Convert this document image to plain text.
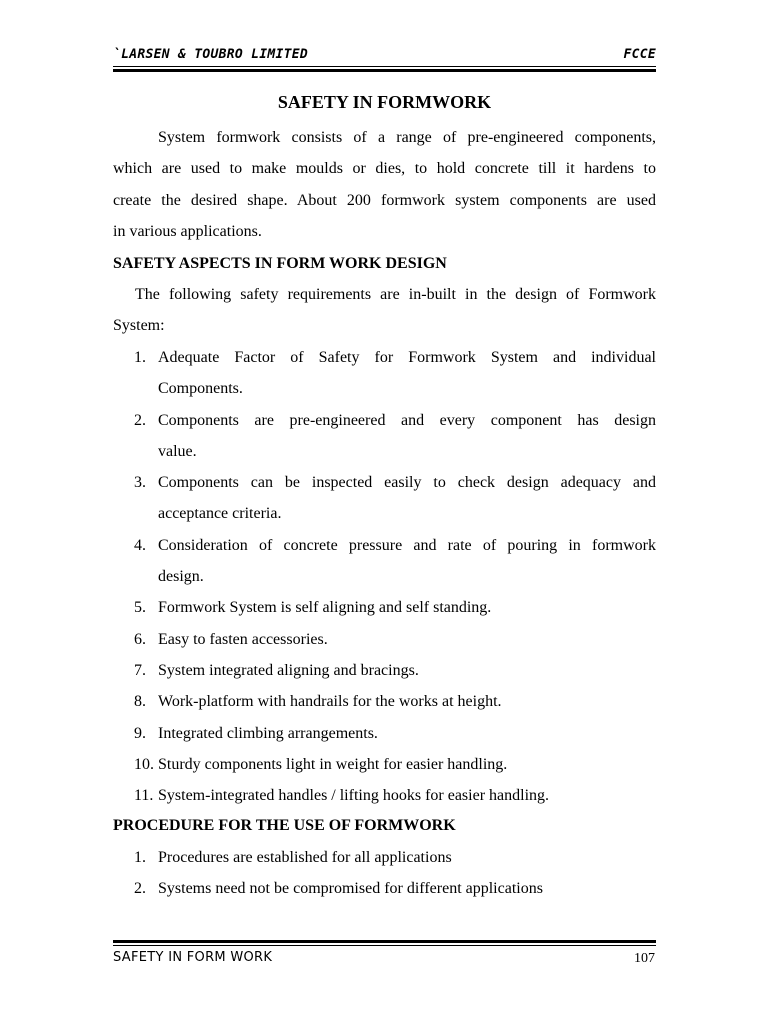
`LARSEN & TOUBRO LIMITED	FCCE
SAFETY IN FORMWORK
System formwork consists of a range of pre-engineered components,
which are used to make moulds or dies, to hold concrete till it hardens to
create the desired shape. About 200 formwork system components are used
in various applications.
SAFETY ASPECTS IN FORM WORK DESIGN
The following safety requirements are in-built in the design of Formwork
System:
1. Adequate Factor of Safety for Formwork System and individual
Components.
2. Components are pre-engineered and every component has design
value.
3. Components can be inspected easily to check design adequacy and
acceptance criteria.
4. Consideration of concrete pressure and rate of pouring in formwork
design.
5. Formwork System is self aligning and self standing.
6. Easy to fasten accessories.
7. System integrated aligning and bracings.
8. Work-platform with handrails for the works at height.
9. Integrated climbing arrangements.
10. Sturdy components light in weight for easier handling.
11. System-integrated handles / lifting hooks for easier handling.
PROCEDURE FOR THE USE OF FORMWORK
1. Procedures are established for all applications
2. Systems need not be compromised for different applications
SAFETY IN FORM WORK	107
